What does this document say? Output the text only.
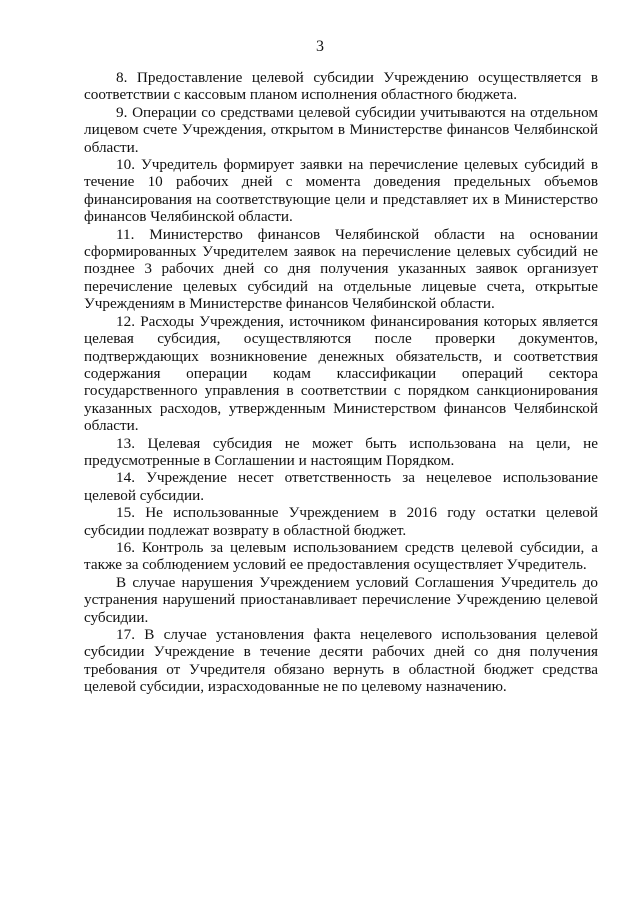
3

8. Предоставление целевой субсидии Учреждению осуществляется в соответствии с кассовым планом исполнения областного бюджета.

9. Операции со средствами целевой субсидии учитываются на отдельном лицевом счете Учреждения, открытом в Министерстве финансов Челябинской области.

10. Учредитель формирует заявки на перечисление целевых субсидий в течение 10 рабочих дней с момента доведения предельных объемов финансирования на соответствующие цели и представляет их в Министерство финансов Челябинской области.

11. Министерство финансов Челябинской области на основании сформированных Учредителем заявок на перечисление целевых субсидий не позднее 3 рабочих дней со дня получения указанных заявок организует перечисление целевых субсидий на отдельные лицевые счета, открытые Учреждениям в Министерстве финансов Челябинской области.

12. Расходы Учреждения, источником финансирования которых является целевая субсидия, осуществляются после проверки документов, подтверждающих возникновение денежных обязательств, и соответствия содержания операции кодам классификации операций сектора государственного управления в соответствии с порядком санкционирования указанных расходов, утвержденным Министерством финансов Челябинской области.

13. Целевая субсидия не может быть использована на цели, не предусмотренные в Соглашении и настоящим Порядком.

14. Учреждение несет ответственность за нецелевое использование целевой субсидии.

15. Не использованные Учреждением в 2016 году остатки целевой субсидии подлежат возврату в областной бюджет.

16. Контроль за целевым использованием средств целевой субсидии, а также за соблюдением условий ее предоставления осуществляет Учредитель.

В случае нарушения Учреждением условий Соглашения Учредитель до устранения нарушений приостанавливает перечисление Учреждению целевой субсидии.

17. В случае установления факта нецелевого использования целевой субсидии Учреждение в течение десяти рабочих дней со дня получения требования от Учредителя обязано вернуть в областной бюджет средства целевой субсидии, израсходованные не по целевому назначению.
